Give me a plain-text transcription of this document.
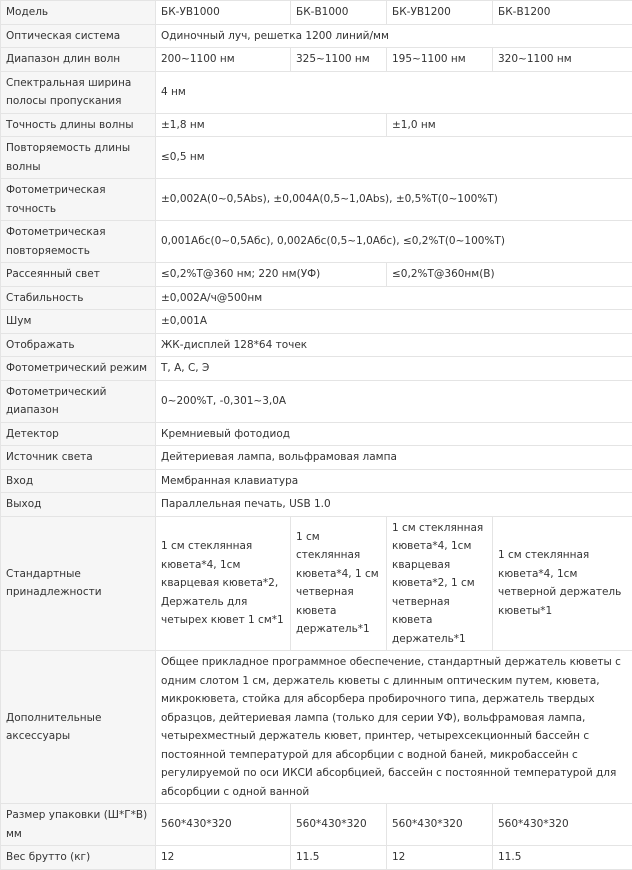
Модель	БК-УВ1000	БК-В1000	БК-УВ1200	БК-В1200
Оптическая система	Одиночный луч, решетка 1200 линий/мм			
Диапазон длин волн	200~1100 нм	325~1100 нм	195~1100 нм	320~1100 нм
Спектральная ширина полосы пропускания	4 нм			
Точность длины волны	±1,8 нм		±1,0 нм	
Повторяемость длины волны	≤0,5 нм			
Фотометрическая точность	±0,002A(0~0,5Abs), ±0,004A(0,5~1,0Abs), ±0,5%T(0~100%T)			
Фотометрическая повторяемость	0,001Aбс(0~0,5Aбс), 0,002Aбс(0,5~1,0Aбс), ≤0,2%T(0~100%T)			
Рассеянный свет	≤0,2%T@360 нм; 220 нм(УФ)		≤0,2%T@360нм(В)	
Стабильность	±0,002A/ч@500нм			
Шум	±0,001A			
Отображать	ЖК-дисплей 128*64 точек			
Фотометрический режим	T, A, C, Э			
Фотометрический диапазон	0~200%T, -0,301~3,0A			
Детектор	Кремниевый фотодиод			
Источник света	Дейтериевая лампа, вольфрамовая лампа			
Вход	Мембранная клавиатура			
Выход	Параллельная печать, USB 1.0			
Стандартные принадлежности	1 см стеклянная кювета*4, 1см кварцевая кювета*2, Держатель для четырех кювет 1 см*1	1 см стеклянная кювета*4, 1 см четверная кювета держатель*1	1 см стеклянная кювета*4, 1см кварцевая кювета*2, 1 см четверная кювета держатель*1	1 см стеклянная кювета*4, 1см четверной держатель кюветы*1
Дополнительные аксессуары	Общее прикладное программное обеспечение, стандартный держатель кюветы с одним слотом 1 см, держатель кюветы с длинным оптическим путем, кювета, микрокювета, стойка для абсорбера пробирочного типа, держатель твердых образцов, дейтериевая лампа (только для серии УФ), вольфрамовая лампа, четырехместный держатель кювет, принтер, четырехсекционный бассейн с постоянной температурой для абсорбции с водной баней, микробассейн с регулируемой по оси ИКСИ абсорбцией, бассейн с постоянной температурой для абсорбции с одной ванной			
Размер упаковки (Ш*Г*В) мм	560*430*320	560*430*320	560*430*320	560*430*320
Вес брутто (кг)	12	11.5	12	11.5
